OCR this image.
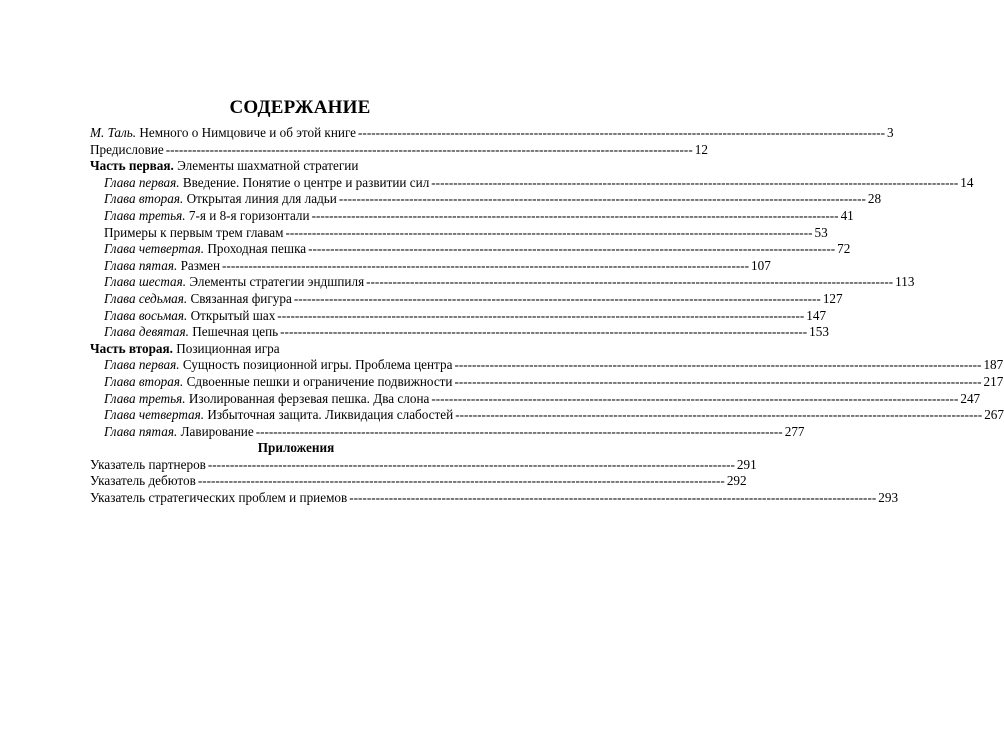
СОДЕРЖАНИЕ
М. Таль. Немного о Нимцовиче и об этой книге -----	3
Предисловие -----	12
Часть первая. Элементы шахматной стратегии
Глава первая. Введение. Понятие о центре и развитии сил -----	14
Глава вторая. Открытая линия для ладьи -----	28
Глава третья. 7-я и 8-я горизонтали -----	41
Примеры к первым трем главам -----	53
Глава четвертая. Проходная пешка -----	72
Глава пятая. Размен -----	107
Глава шестая. Элементы стратегии эндшпиля -----	113
Глава седьмая. Связанная фигура -----	127
Глава восьмая. Открытый шах -----	147
Глава девятая. Пешечная цепь -----	153
Часть вторая. Позиционная игра
Глава первая. Сущность позиционной игры. Проблема центра -----	187
Глава вторая. Сдвоенные пешки и ограничение подвижности -----	217
Глава третья. Изолированная ферзевая пешка. Два слона -----	247
Глава четвертая. Избыточная защита. Ликвидация слабостей -----	267
Глава пятая. Лавирование -----	277
Приложения
Указатель партнеров -----	291
Указатель дебютов -----	292
Указатель стратегических проблем и приемов -----	293
